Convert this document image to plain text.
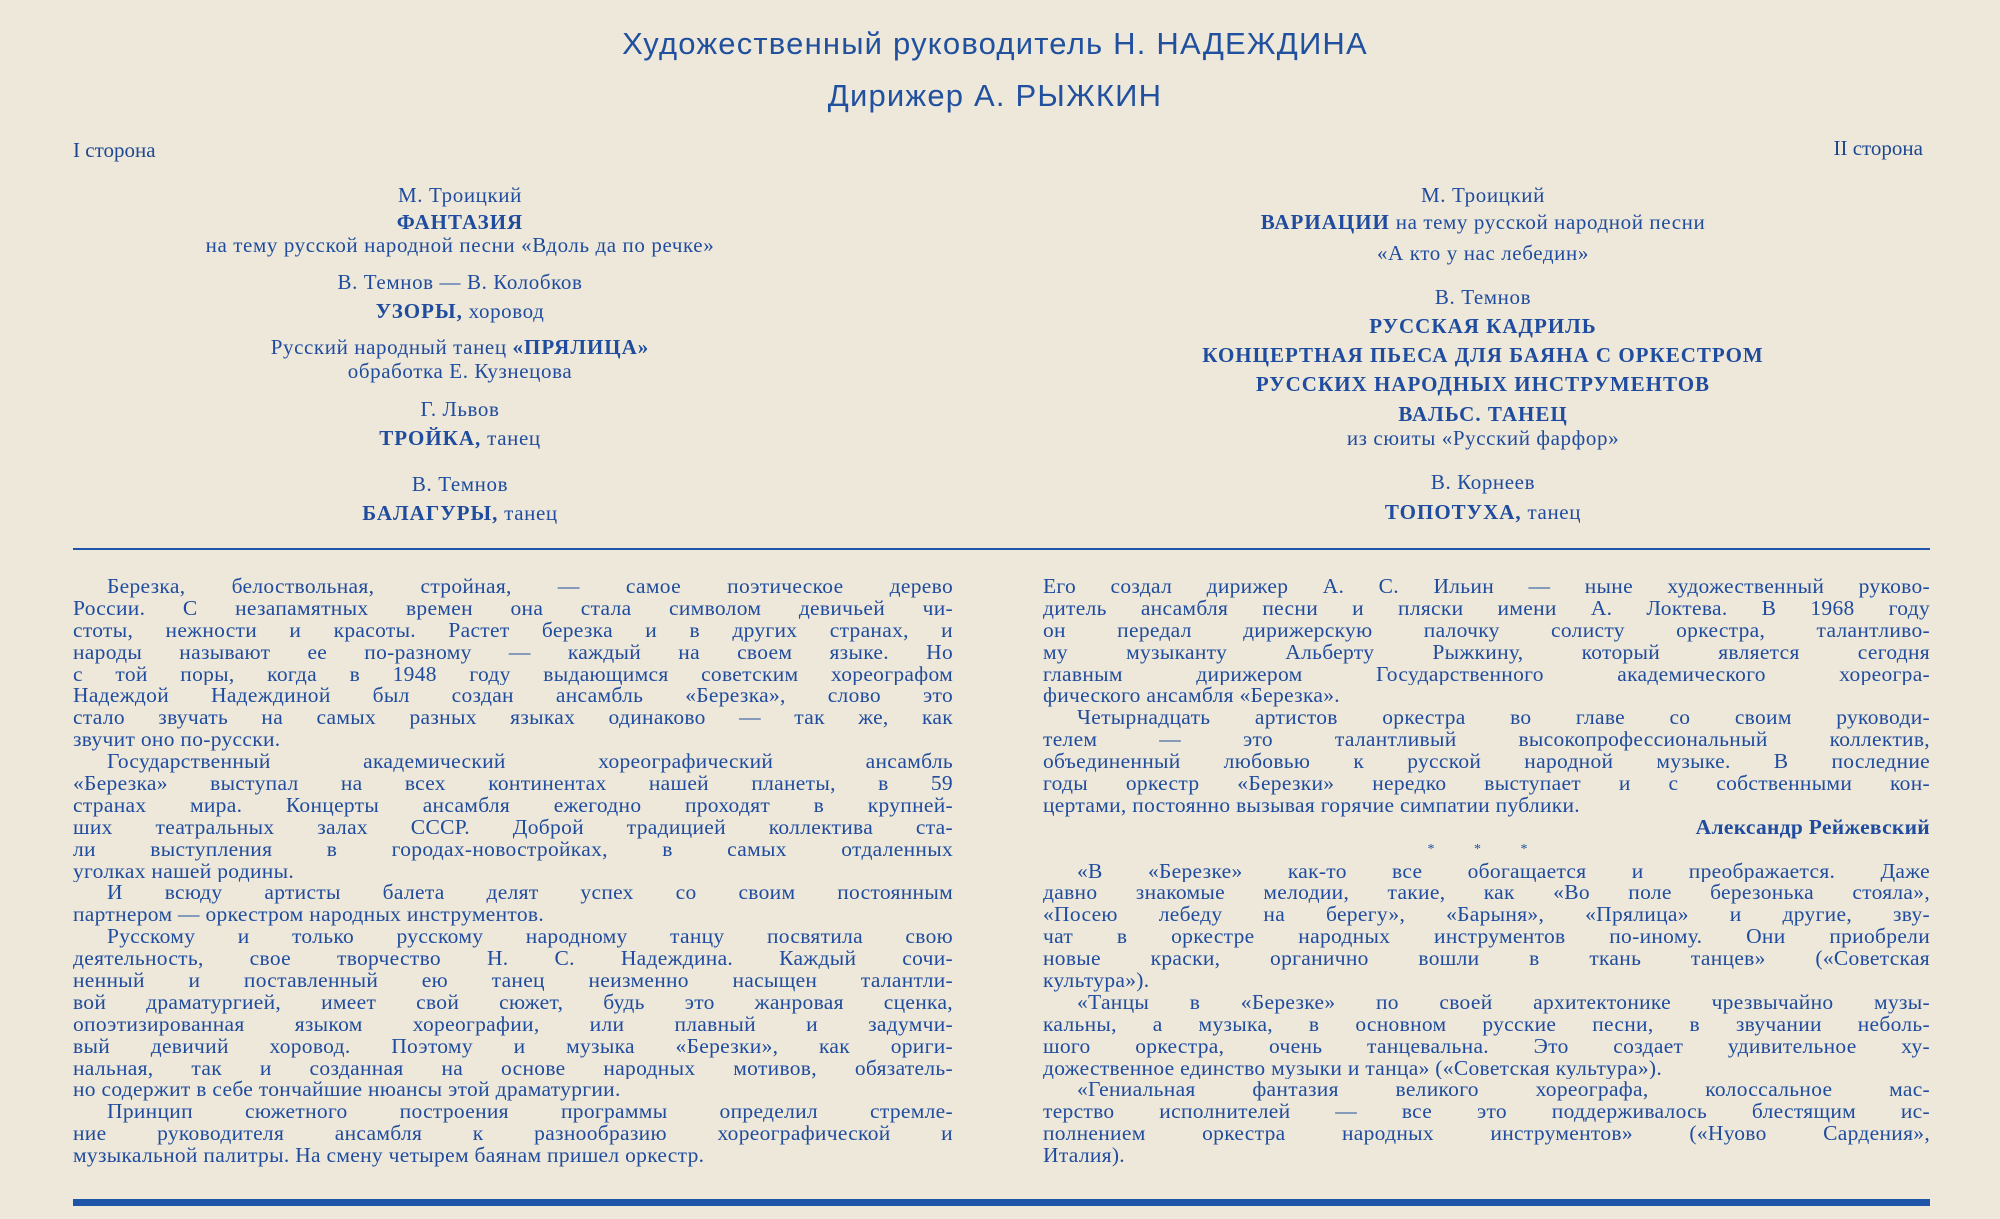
Художественный руководитель Н. НАДЕЖДИНА
Дирижер А. РЫЖКИН
I сторона	II сторона
М. Троицкий
ФАНТАЗИЯ
на тему русской народной песни «Вдоль да по речке»
В. Темнов — В. Колобков
УЗОРЫ, хоровод
Русский народный танец «ПРЯЛИЦА»
обработка Е. Кузнецова
Г. Львов
ТРОЙКА, танец
В. Темнов
БАЛАГУРЫ, танец
М. Троицкий
ВАРИАЦИИ на тему русской народной песни
«А кто у нас лебедин»
В. Темнов
РУССКАЯ КАДРИЛЬ
КОНЦЕРТНАЯ ПЬЕСА ДЛЯ БАЯНА С ОРКЕСТРОМ
РУССКИХ НАРОДНЫХ ИНСТРУМЕНТОВ
ВАЛЬС. ТАНЕЦ
из сюиты «Русский фарфор»
В. Корнеев
ТОПОТУХА, танец
Березка, белоствольная, стройная, — самое поэтическое дерево
России. С незапамятных времен она стала символом девичьей чи-
стоты, нежности и красоты. Растет березка и в других странах, и
народы называют ее по-разному — каждый на своем языке. Но
с той поры, когда в 1948 году выдающимся советским хореографом
Надеждой Надеждиной был создан ансамбль «Березка», слово это
стало звучать на самых разных языках одинаково — так же, как
звучит оно по-русски.
Государственный академический хореографический ансамбль
«Березка» выступал на всех континентах нашей планеты, в 59
странах мира. Концерты ансамбля ежегодно проходят в крупней-
ших театральных залах СССР. Доброй традицией коллектива ста-
ли выступления в городах-новостройках, в самых отдаленных
уголках нашей родины.
И всюду артисты балета делят успех со своим постоянным
партнером — оркестром народных инструментов.
Русскому и только русскому народному танцу посвятила свою
деятельность, свое творчество Н. С. Надеждина. Каждый сочи-
ненный и поставленный ею танец неизменно насыщен талантли-
вой драматургией, имеет свой сюжет, будь это жанровая сценка,
опоэтизированная языком хореографии, или плавный и задумчи-
вый девичий хоровод. Поэтому и музыка «Березки», как ориги-
нальная, так и созданная на основе народных мотивов, обязатель-
но содержит в себе тончайшие нюансы этой драматургии.
Принцип сюжетного построения программы определил стремле-
ние руководителя ансамбля к разнообразию хореографической и
музыкальной палитры. На смену четырем баянам пришел оркестр.
Его создал дирижер А. С. Ильин — ныне художественный руково-
дитель ансамбля песни и пляски имени А. Локтева. В 1968 году
он передал дирижерскую палочку солисту оркестра, талантливо-
му музыканту Альберту Рыжкину, который является сегодня
главным дирижером Государственного академического хореогра-
фического ансамбля «Березка».
Четырнадцать артистов оркестра во главе со своим руководи-
телем — это талантливый высокопрофессиональный коллектив,
объединенный любовью к русской народной музыке. В последние
годы оркестр «Березки» нередко выступает и с собственными кон-
цертами, постоянно вызывая горячие симпатии публики.
Александр Рейжевский
* * *
«В «Березке» как-то все обогащается и преображается. Даже
давно знакомые мелодии, такие, как «Во поле березонька стояла»,
«Посею лебеду на берегу», «Барыня», «Прялица» и другие, зву-
чат в оркестре народных инструментов по-иному. Они приобрели
новые краски, органично вошли в ткань танцев» («Советская
культура»).
«Танцы в «Березке» по своей архитектонике чрезвычайно музы-
кальны, а музыка, в основном русские песни, в звучании неболь-
шого оркестра, очень танцевальна. Это создает удивительное ху-
дожественное единство музыки и танца» («Советская культура»).
«Гениальная фантазия великого хореографа, колоссальное мас-
терство исполнителей — все это поддерживалось блестящим ис-
полнением оркестра народных инструментов» («Нуово Сардения»,
Италия).
